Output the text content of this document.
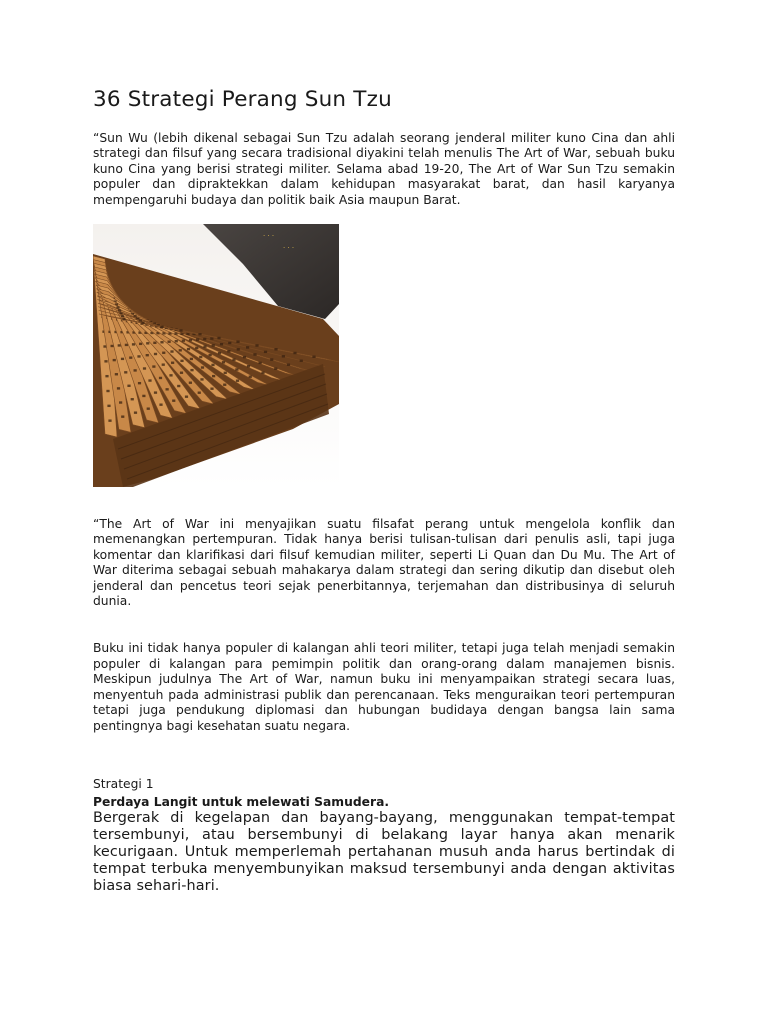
36 Strategi Perang Sun Tzu

“Sun Wu (lebih dikenal sebagai Sun Tzu adalah seorang jenderal militer kuno Cina dan ahli strategi dan filsuf yang secara tradisional diyakini telah menulis The Art of War, sebuah buku kuno Cina yang berisi strategi militer. Selama abad 19-20, The Art of War Sun Tzu semakin populer dan dipraktekkan dalam kehidupan masyarakat barat, dan hasil karyanya mempengaruhi budaya dan politik baik Asia maupun Barat.

· · ·
· · ·

“The Art of War ini menyajikan suatu filsafat perang untuk mengelola konflik dan memenangkan pertempuran. Tidak hanya berisi tulisan-tulisan dari penulis asli, tapi juga komentar dan klarifikasi dari filsuf kemudian militer, seperti Li Quan dan Du Mu. The Art of War diterima sebagai sebuah mahakarya dalam strategi dan sering dikutip dan disebut oleh jenderal dan pencetus teori sejak penerbitannya, terjemahan dan distribusinya di seluruh dunia.

Buku ini tidak hanya populer di kalangan ahli teori militer, tetapi juga telah menjadi semakin populer di kalangan para pemimpin politik dan orang-orang dalam manajemen bisnis. Meskipun judulnya The Art of War, namun buku ini menyampaikan strategi secara luas, menyentuh pada administrasi publik dan perencanaan. Teks menguraikan teori pertempuran tetapi juga pendukung diplomasi dan hubungan budidaya dengan bangsa lain sama pentingnya bagi kesehatan suatu negara.

Strategi 1
Perdaya Langit untuk melewati Samudera.

Bergerak di kegelapan dan bayang-bayang, menggunakan tempat-tempat tersembunyi, atau bersembunyi di belakang layar hanya akan menarik kecurigaan. Untuk memperlemah pertahanan musuh anda harus bertindak di tempat terbuka menyembunyikan maksud tersembunyi anda dengan aktivitas biasa sehari-hari.
